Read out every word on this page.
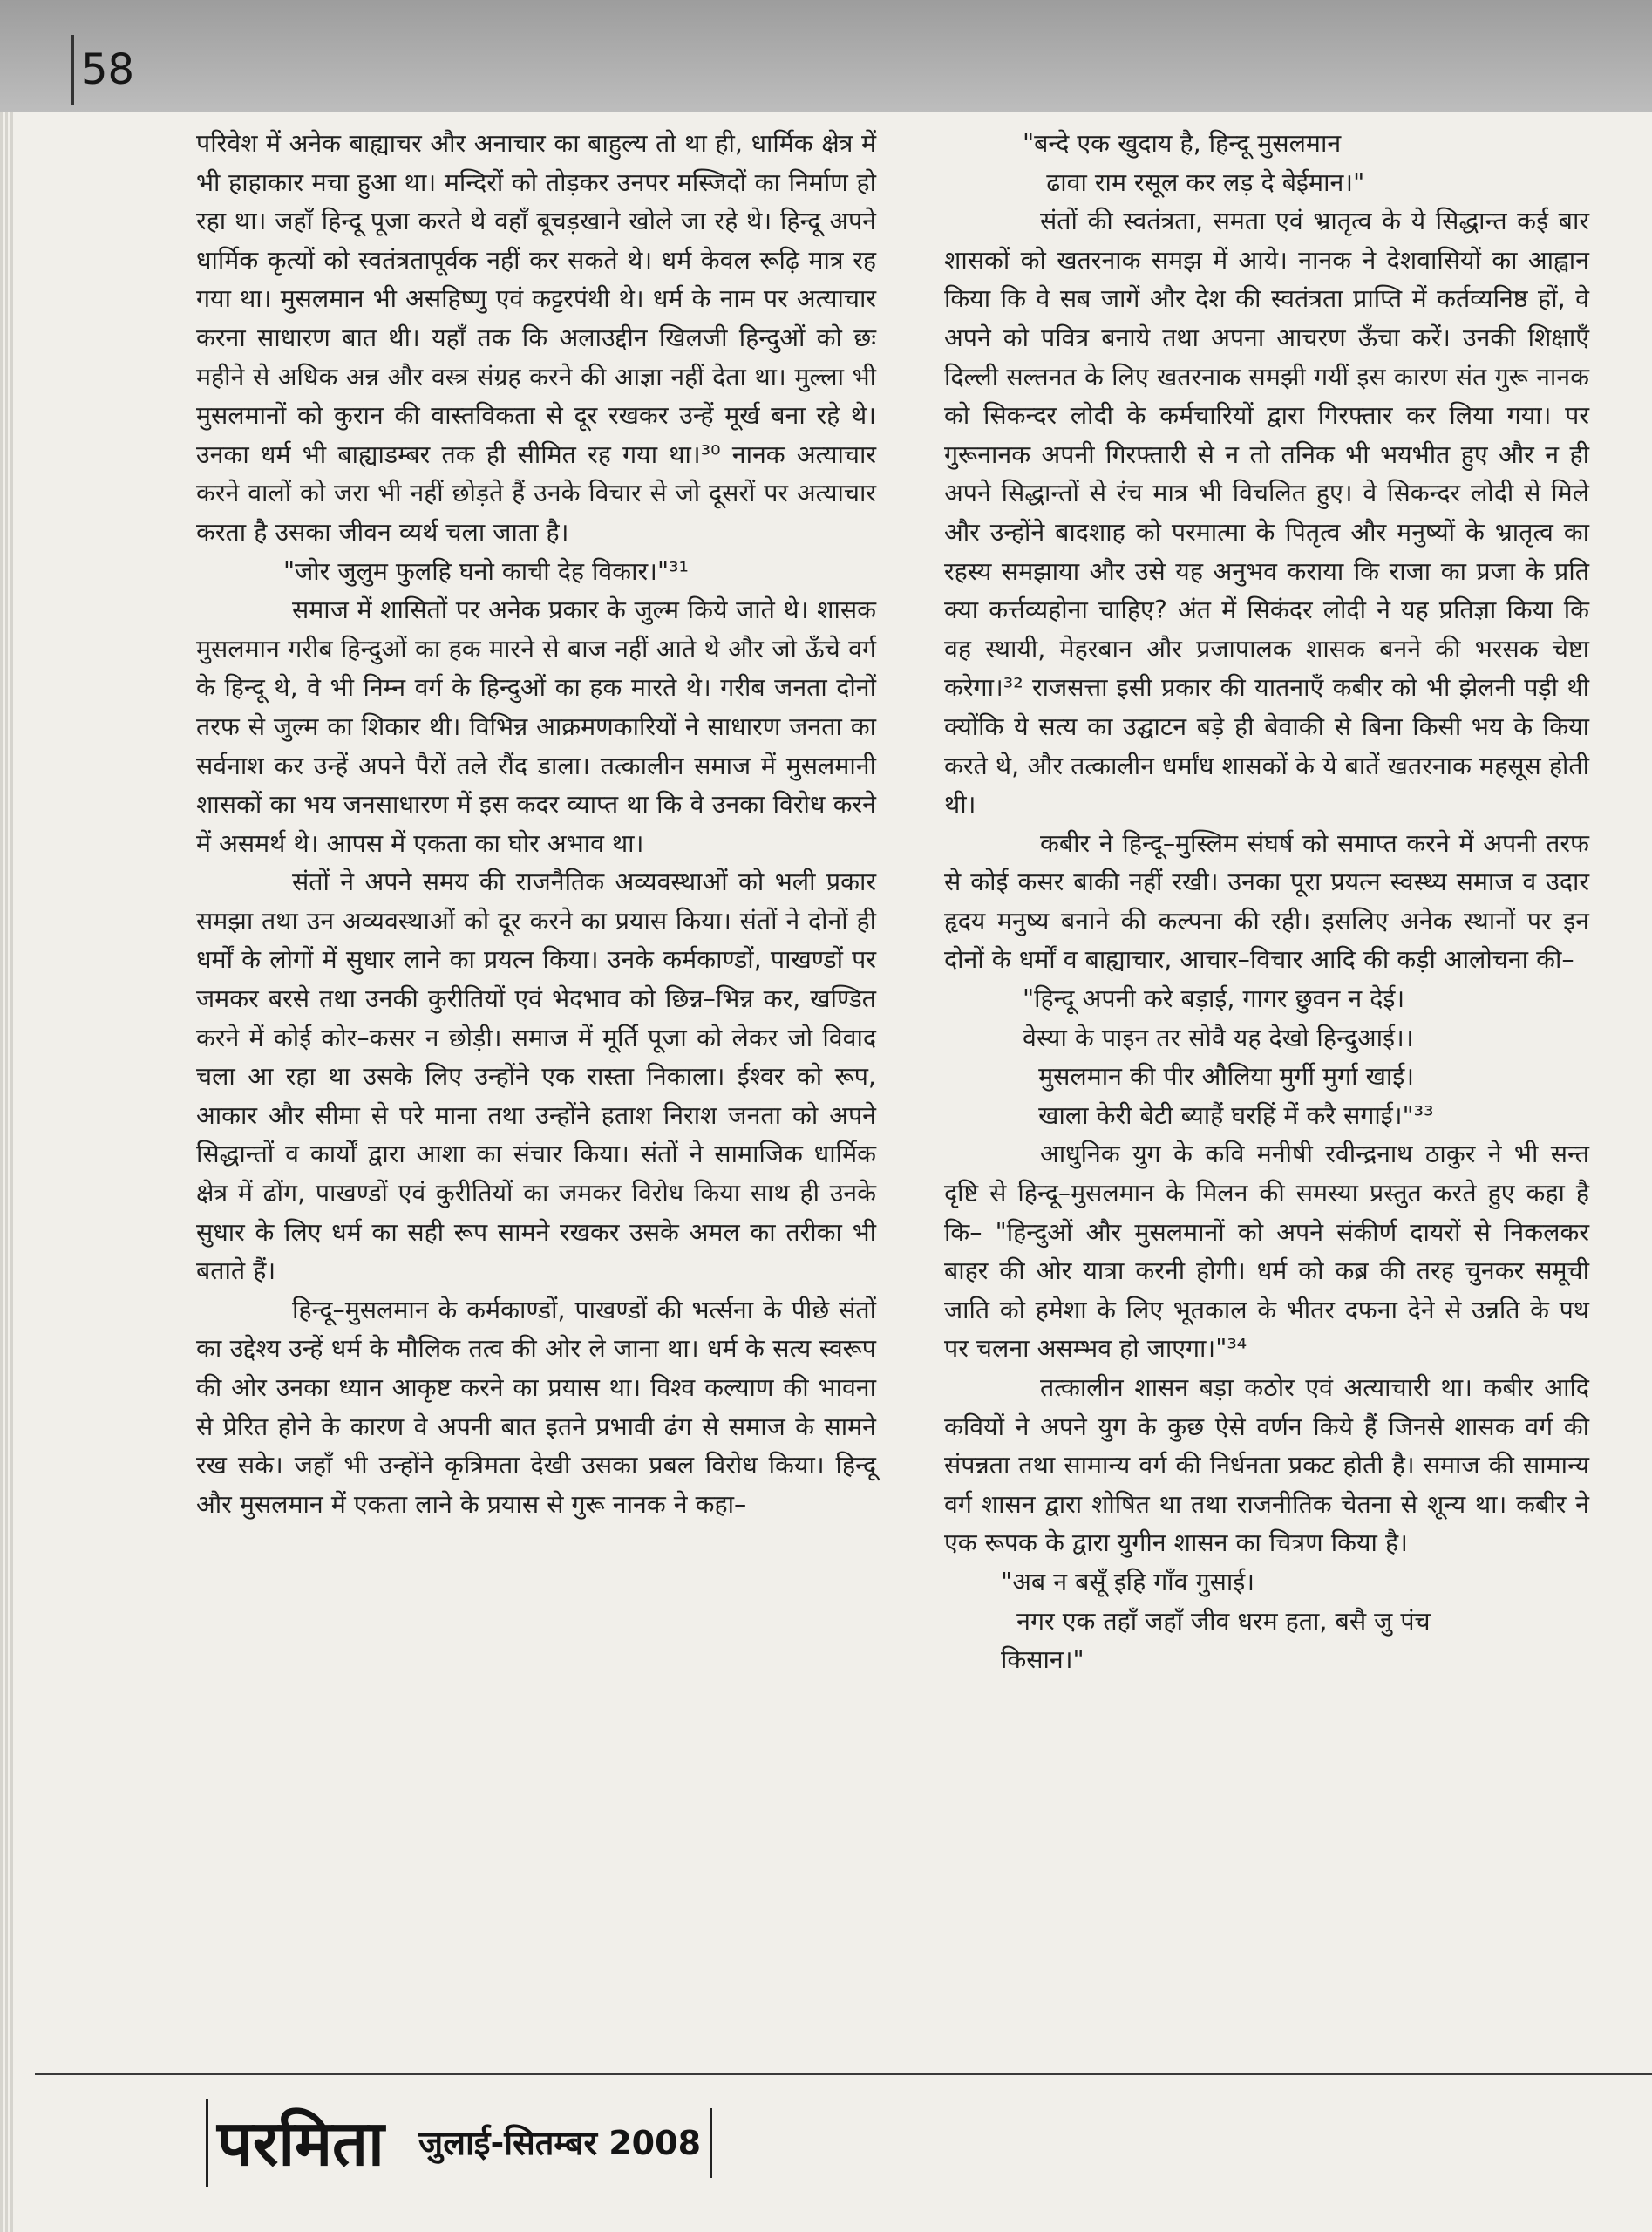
58

परिवेश में अनेक बाह्याचर और अनाचार का बाहुल्य तो था ही, धार्मिक क्षेत्र में भी हाहाकार मचा हुआ था। मन्दिरों को तोड़कर उनपर मस्जिदों का निर्माण हो रहा था। जहाँ हिन्दू पूजा करते थे वहाँ बूचड़खाने खोले जा रहे थे। हिन्दू अपने धार्मिक कृत्यों को स्वतंत्रतापूर्वक नहीं कर सकते थे। धर्म केवल रूढ़ि मात्र रह गया था। मुसलमान भी असहिष्णु एवं कट्टरपंथी थे। धर्म के नाम पर अत्याचार करना साधारण बात थी। यहाँ तक कि अलाउद्दीन खिलजी हिन्दुओं को छः महीने से अधिक अन्न और वस्त्र संग्रह करने की आज्ञा नहीं देता था। मुल्ला भी मुसलमानों को कुरान की वास्तविकता से दूर रखकर उन्हें मूर्ख बना रहे थे। उनका धर्म भी बाह्याडम्बर तक ही सीमित रह गया था।³⁰ नानक अत्याचार करने वालों को जरा भी नहीं छोड़ते हैं उनके विचार से जो दूसरों पर अत्याचार करता है उसका जीवन व्यर्थ चला जाता है।

"जोर जुलुम फुलहि घनो काची देह विकार।"³¹

समाज में शासितों पर अनेक प्रकार के जुल्म किये जाते थे। शासक मुसलमान गरीब हिन्दुओं का हक मारने से बाज नहीं आते थे और जो ऊँचे वर्ग के हिन्दू थे, वे भी निम्न वर्ग के हिन्दुओं का हक मारते थे। गरीब जनता दोनों तरफ से जुल्म का शिकार थी। विभिन्न आक्रमणकारियों ने साधारण जनता का सर्वनाश कर उन्हें अपने पैरों तले रौंद डाला। तत्कालीन समाज में मुसलमानी शासकों का भय जनसाधारण में इस कदर व्याप्त था कि वे उनका विरोध करने में असमर्थ थे। आपस में एकता का घोर अभाव था।

संतों ने अपने समय की राजनैतिक अव्यवस्थाओं को भली प्रकार समझा तथा उन अव्यवस्थाओं को दूर करने का प्रयास किया। संतों ने दोनों ही धर्मों के लोगों में सुधार लाने का प्रयत्न किया। उनके कर्मकाण्डों, पाखण्डों पर जमकर बरसे तथा उनकी कुरीतियों एवं भेदभाव को छिन्न–भिन्न कर, खण्डित करने में कोई कोर–कसर न छोड़ी। समाज में मूर्ति पूजा को लेकर जो विवाद चला आ रहा था उसके लिए उन्होंने एक रास्ता निकाला। ईश्वर को रूप, आकार और सीमा से परे माना तथा उन्होंने हताश निराश जनता को अपने सिद्धान्तों व कार्यों द्वारा आशा का संचार किया। संतों ने सामाजिक धार्मिक क्षेत्र में ढोंग, पाखण्डों एवं कुरीतियों का जमकर विरोध किया साथ ही उनके सुधार के लिए धर्म का सही रूप सामने रखकर उसके अमल का तरीका भी बताते हैं।

हिन्दू–मुसलमान के कर्मकाण्डों, पाखण्डों की भर्त्सना के पीछे संतों का उद्देश्य उन्हें धर्म के मौलिक तत्व की ओर ले जाना था। धर्म के सत्य स्वरूप की ओर उनका ध्यान आकृष्ट करने का प्रयास था। विश्व कल्याण की भावना से प्रेरित होने के कारण वे अपनी बात इतने प्रभावी ढंग से समाज के सामने रख सके। जहाँ भी उन्होंने कृत्रिमता देखी उसका प्रबल विरोध किया। हिन्दू और मुसलमान में एकता लाने के प्रयास से गुरू नानक ने कहा–

"बन्दे एक खुदाय है, हिन्दू मुसलमान
ढावा राम रसूल कर लड़ दे बेईमान।"

संतों की स्वतंत्रता, समता एवं भ्रातृत्व के ये सिद्धान्त कई बार शासकों को खतरनाक समझ में आये। नानक ने देशवासियों का आह्वान किया कि वे सब जागें और देश की स्वतंत्रता प्राप्ति में कर्तव्यनिष्ठ हों, वे अपने को पवित्र बनाये तथा अपना आचरण ऊँचा करें। उनकी शिक्षाएँ दिल्ली सल्तनत के लिए खतरनाक समझी गयीं इस कारण संत गुरू नानक को सिकन्दर लोदी के कर्मचारियों द्वारा गिरफ्तार कर लिया गया। पर गुरूनानक अपनी गिरफ्तारी से न तो तनिक भी भयभीत हुए और न ही अपने सिद्धान्तों से रंच मात्र भी विचलित हुए। वे सिकन्दर लोदी से मिले और उन्होंने बादशाह को परमात्मा के पितृत्व और मनुष्यों के भ्रातृत्व का रहस्य समझाया और उसे यह अनुभव कराया कि राजा का प्रजा के प्रति क्या कर्त्तव्यहोना चाहिए? अंत में सिकंदर लोदी ने यह प्रतिज्ञा किया कि वह स्थायी, मेहरबान और प्रजापालक शासक बनने की भरसक चेष्टा करेगा।³² राजसत्ता इसी प्रकार की यातनाएँ कबीर को भी झेलनी पड़ी थी क्योंकि ये सत्य का उद्घाटन बड़े ही बेवाकी से बिना किसी भय के किया करते थे, और तत्कालीन धर्मांध शासकों के ये बातें खतरनाक महसूस होती थी।

कबीर ने हिन्दू–मुस्लिम संघर्ष को समाप्त करने में अपनी तरफ से कोई कसर बाकी नहीं रखी। उनका पूरा प्रयत्न स्वस्थ्य समाज व उदार हृदय मनुष्य बनाने की कल्पना की रही। इसलिए अनेक स्थानों पर इन दोनों के धर्मों व बाह्याचार, आचार–विचार आदि की कड़ी आलोचना की–

"हिन्दू अपनी करे बड़ाई, गागर छुवन न देई।
वेस्या के पाइन तर सोवै यह देखो हिन्दुआई।।
मुसलमान की पीर औलिया मुर्गी मुर्गा खाई।
खाला केरी बेटी ब्याहैं घरहिं में करै सगाई।"³³

आधुनिक युग के कवि मनीषी रवीन्द्रनाथ ठाकुर ने भी सन्त दृष्टि से हिन्दू–मुसलमान के मिलन की समस्या प्रस्तुत करते हुए कहा है कि– "हिन्दुओं और मुसलमानों को अपने संकीर्ण दायरों से निकलकर बाहर की ओर यात्रा करनी होगी। धर्म को कब्र की तरह चुनकर समूची जाति को हमेशा के लिए भूतकाल के भीतर दफना देने से उन्नति के पथ पर चलना असम्भव हो जाएगा।"³⁴

तत्कालीन शासन बड़ा कठोर एवं अत्याचारी था। कबीर आदि कवियों ने अपने युग के कुछ ऐसे वर्णन किये हैं जिनसे शासक वर्ग की संपन्नता तथा सामान्य वर्ग की निर्धनता प्रकट होती है। समाज की सामान्य वर्ग शासन द्वारा शोषित था तथा राजनीतिक चेतना से शून्य था। कबीर ने एक रूपक के द्वारा युगीन शासन का चित्रण किया है।

"अब न बसूँ इहि गाँव गुसाई।
नगर एक तहाँ जहाँ जीव धरम हता, बसै जु पंच
किसान।"

परमिता जुलाई-सितम्बर 2008
